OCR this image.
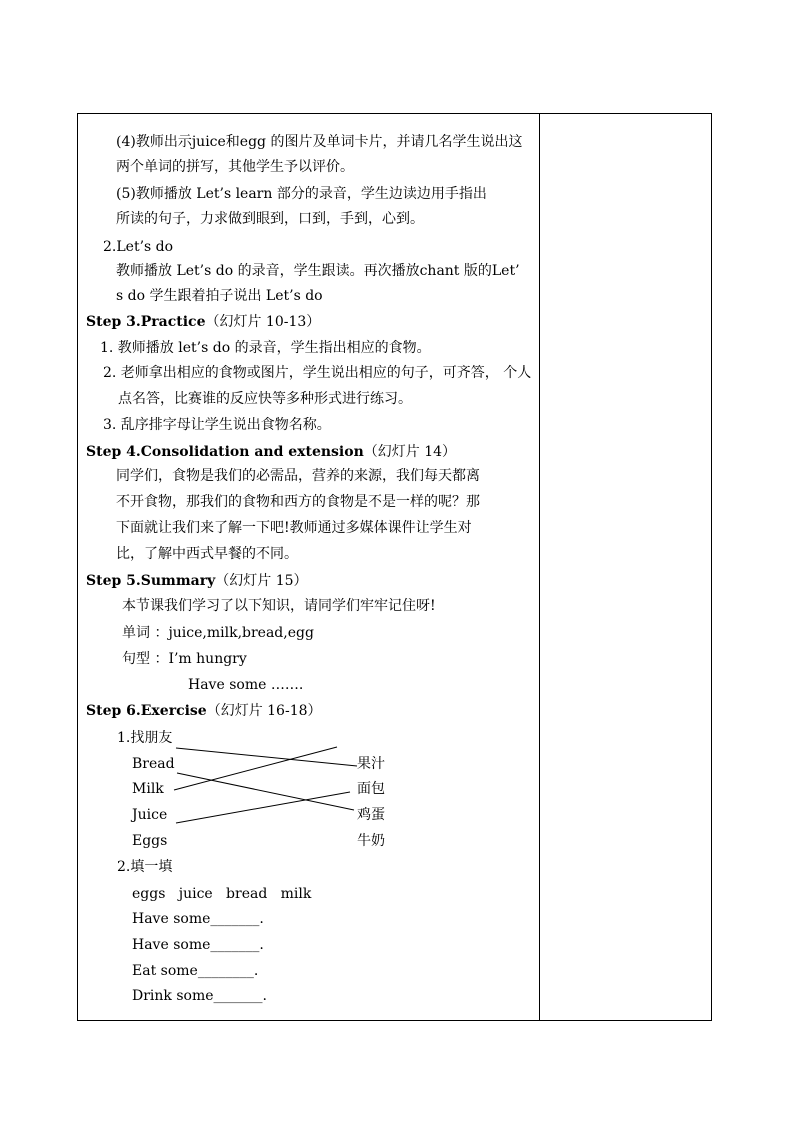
(4)教师出示juice和egg 的图片及单词卡片，并请几名学生说出这
两个单词的拼写，其他学生予以评价。
(5)教师播放 Let’s learn 部分的录音，学生边读边用手指出
所读的句子，力求做到眼到，口到，手到，心到。
2.Let’s do
教师播放 Let’s do 的录音，学生跟读。再次播放chant 版的Let’
s do 学生跟着拍子说出 Let’s do
Step 3.Practice（幻灯片 10-13）
1. 教师播放 let’s do 的录音，学生指出相应的食物。
2. 老师拿出相应的食物或图片，学生说出相应的句子，可齐答， 个人
点名答，比赛谁的反应快等多种形式进行练习。
3. 乱序排字母让学生说出食物名称。
Step 4.Consolidation and extension（幻灯片 14）
同学们，食物是我们的必需品，营养的来源，我们每天都离
不开食物，那我们的食物和西方的食物是不是一样的呢？那
下面就让我们来了解一下吧!教师通过多媒体课件让学生对
比，了解中西式早餐的不同。
Step 5.Summary（幻灯片 15）
本节课我们学习了以下知识，请同学们牢牢记住呀!
单词 ：juice,milk,bread,egg
句型 ：I’m hungry
Have some …….
Step 6.Exercise（幻灯片 16-18）
1.找朋友
Bread
Milk
Juice
Eggs
果汁
面包
鸡蛋
牛奶
2.填一填
eggs   juice   bread   milk
Have some_______.
Have some_______.
Eat some________.
Drink some_______.
